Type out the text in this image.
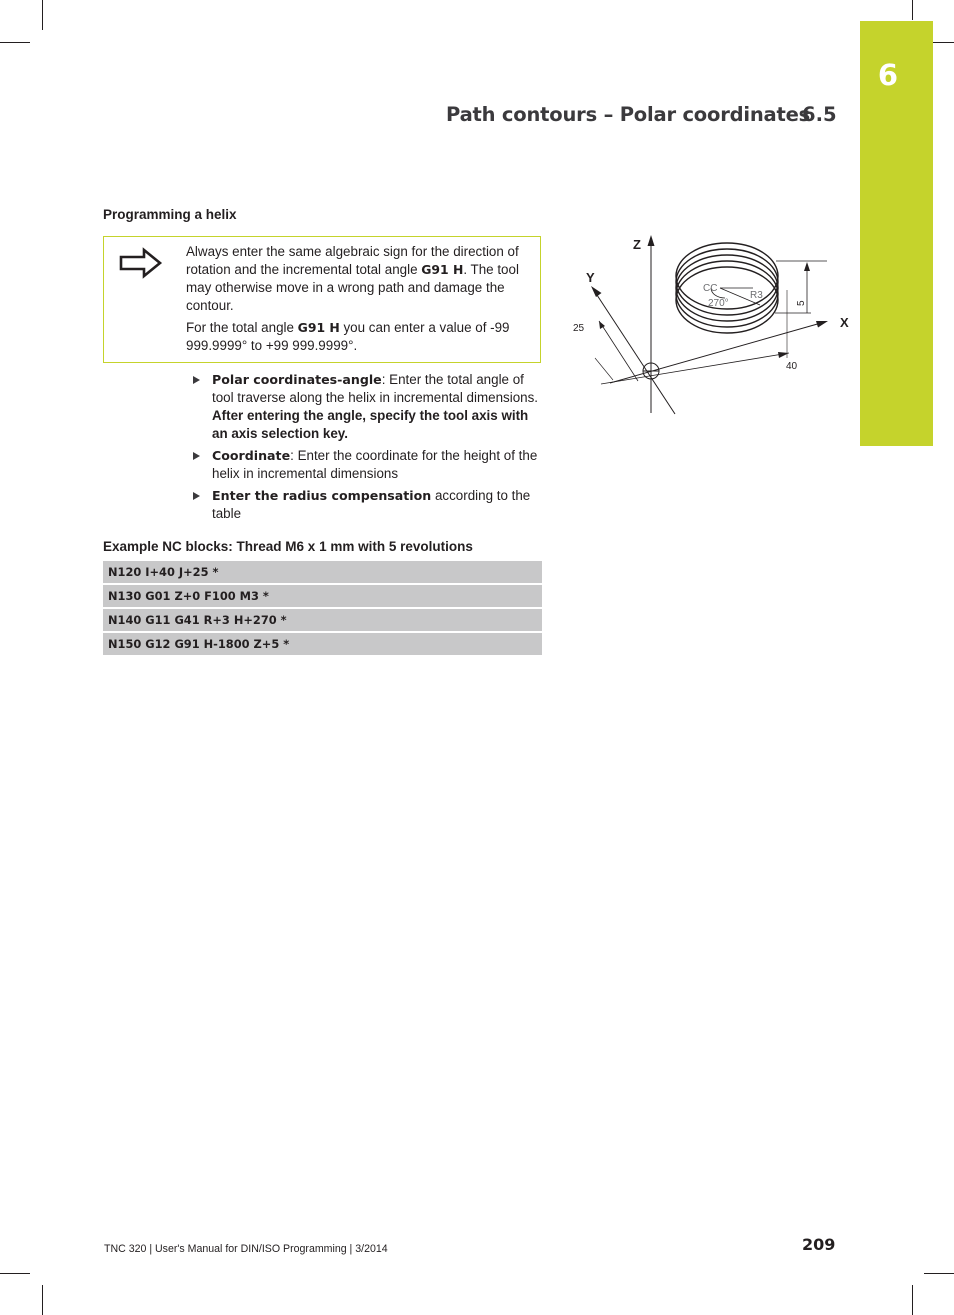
6
Path contours – Polar coordinates
6.5
Programming a helix
Always enter the same algebraic sign for the direction of rotation and the incremental total angle G91 H. The tool may otherwise move in a wrong path and damage the contour.
For the total angle G91 H you can enter a value of -99 999.9999° to +99 999.9999°.
Polar coordinates-angle: Enter the total angle of tool traverse along the helix in incremental dimensions. After entering the angle, specify the tool axis with an axis selection key.
Coordinate: Enter the coordinate for the height of the helix in incremental dimensions
Enter the radius compensation according to the table
Example NC blocks: Thread M6 x 1 mm with 5 revolutions
N120 I+40 J+25 *
N130 G01 Z+0 F100 M3 *
N140 G11 G41 R+3 H+270 *
N150 G12 G91 H-1800 Z+5 *
Z
Y
X
CC
R3
270°	5
25
40
TNC 320 | User's Manual for DIN/ISO Programming | 3/2014	209
